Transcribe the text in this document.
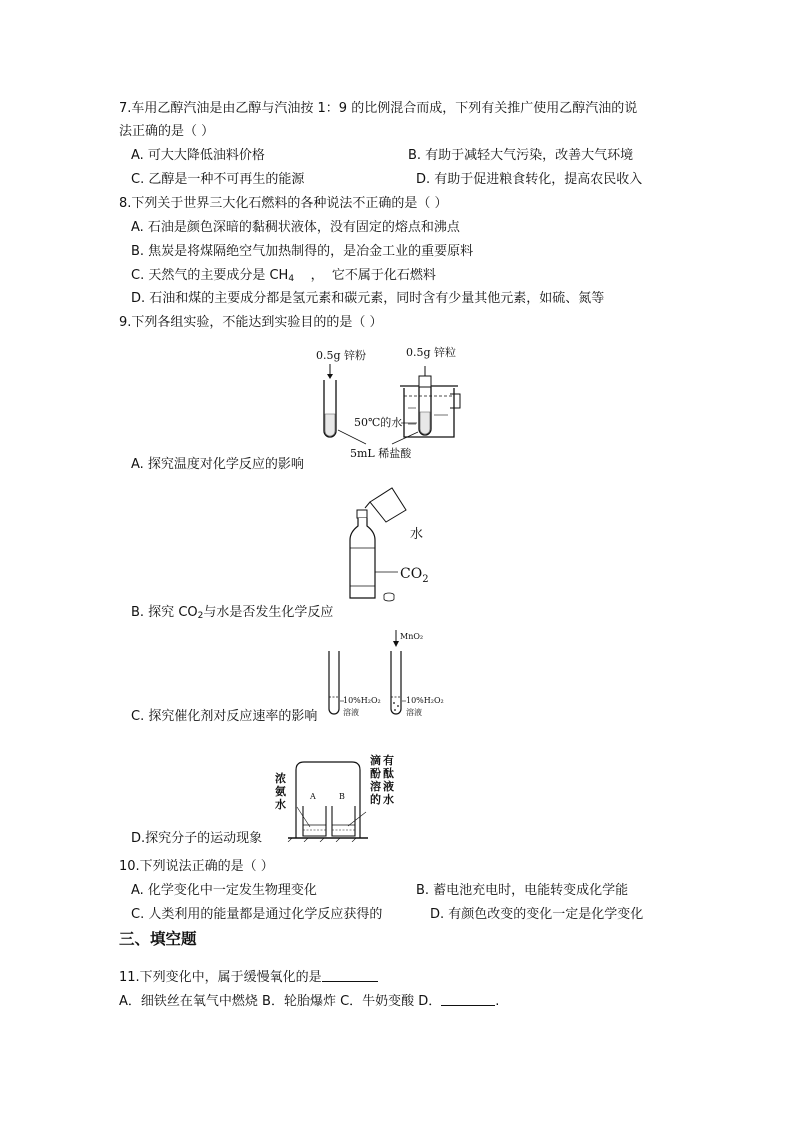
7.车用乙醇汽油是由乙醇与汽油按 1：9 的比例混合而成，下列有关推广使用乙醇汽油的说
法正确的是（ ）
A. 可大大降低油料价格	B. 有助于减轻大气污染，改善大气环境
C. 乙醇是一种不可再生的能源	D. 有助于促进粮食转化，提高农民收入
8.下列关于世界三大化石燃料的各种说法不正确的是（ ）
A. 石油是颜色深暗的黏稠状液体，没有固定的熔点和沸点
B. 焦炭是将煤隔绝空气加热制得的，是冶金工业的重要原料
C. 天然气的主要成分是 $CH_4$    ，  它不属于化石燃料
D. 石油和煤的主要成分都是氢元素和碳元素，同时含有少量其他元素，如硫、氮等
9.下列各组实验，不能达到实验目的的是（ ）
0.5g 锌粉	0.5g 锌粒
50℃的水
5mL 稀盐酸
A. 探究温度对化学反应的影响
水
$CO_2$
B. 探究 $CO_2$与水是否发生化学反应
MnO₂
10%H₂O₂
溶液
10%H₂O₂
溶液
C. 探究催化剂对反应速率的影响
浓
氨
水
A	B
滴
酚
溶
的
有
酞
液
水
D.探究分子的运动现象
10.下列说法正确的是（ ）
A. 化学变化中一定发生物理变化	B. 蓄电池充电时，电能转变成化学能
C. 人类利用的能量都是通过化学反应获得的	D. 有颜色改变的变化一定是化学变化
三、填空题
11.下列变化中，属于缓慢氧化的是
A．细铁丝在氧气中燃烧 B．轮胎爆炸 C．牛奶变酸 D．	.
